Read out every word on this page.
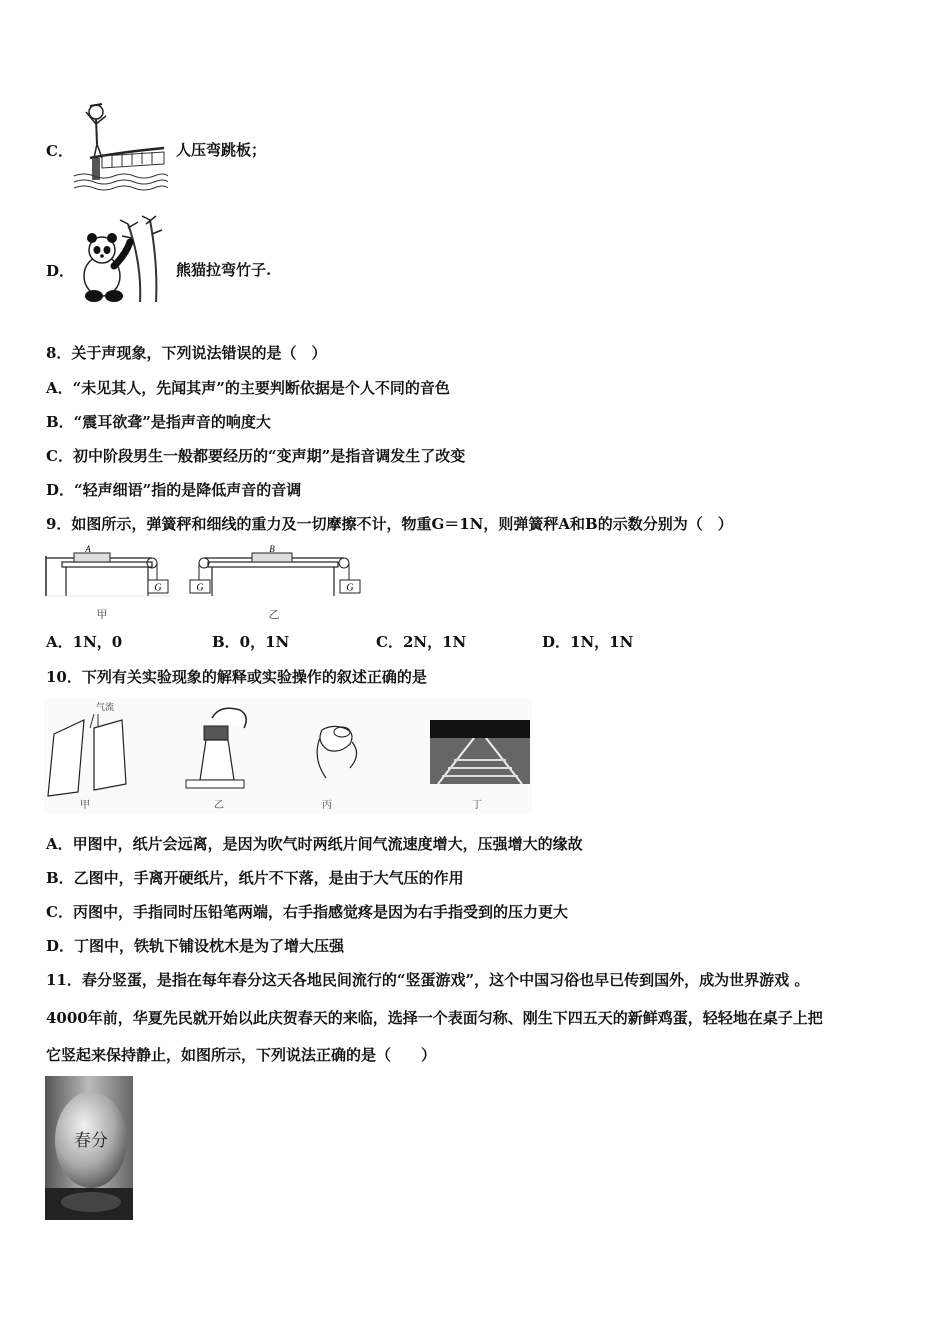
C．	人压弯跳板；
D．	熊猫拉弯竹子.
8．关于声现象，下列说法错误的是（　）
A．“未见其人，先闻其声”的主要判断依据是个人不同的音色
B．“震耳欲聋”是指声音的响度大
C．初中阶段男生一般都要经历的“变声期”是指音调发生了改变
D．“轻声细语”指的是降低声音的音调
9．如图所示，弹簧秤和细线的重力及一切摩擦不计，物重G＝1N，则弹簧秤A和B的示数分别为（　）
G
A
G	G
B
甲	乙
A．1N，0	B．0，1N	C．2N，1N	D．1N，1N
10．下列有关实验现象的解释或实验操作的叙述正确的是
气流
甲	乙	丙	丁
A．甲图中，纸片会远离，是因为吹气时两纸片间气流速度增大，压强增大的缘故
B．乙图中，手离开硬纸片，纸片不下落，是由于大气压的作用
C．丙图中，手指同时压铅笔两端，右手指感觉疼是因为右手指受到的压力更大
D．丁图中，铁轨下铺设枕木是为了增大压强
11．春分竖蛋，是指在每年春分这天各地民间流行的“竖蛋游戏”，这个中国习俗也早已传到国外，成为世界游戏 。
4000年前，华夏先民就开始以此庆贺春天的来临，选择一个表面匀称、刚生下四五天的新鲜鸡蛋，轻轻地在桌子上把
它竖起来保持静止，如图所示，下列说法正确的是（　　）
春分
